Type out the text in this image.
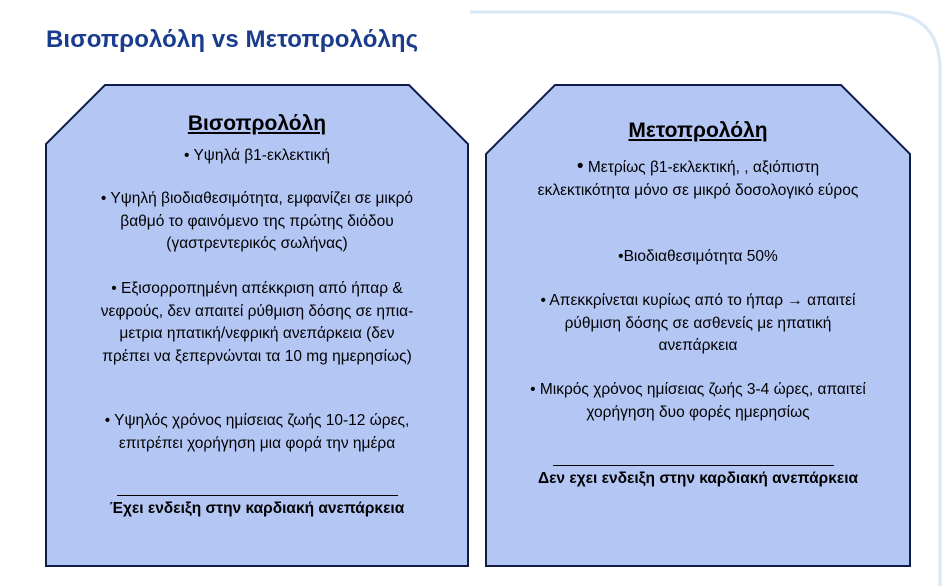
Βισοπρολόλη vs Μετοπρολόλης
Βισοπρολόλη
• Υψηλά β1-εκλεκτική
• Υψηλή βιοδιαθεσιμότητα, εμφανίζει σε μικρό βαθμό το φαινόμενο της πρώτης διόδου (γαστρεντερικός σωλήνας)
• Εξισορροπημένη απέκκριση από ήπαρ & νεφρούς, δεν απαιτεί ρύθμιση δόσης σε ηπια-μετρια ηπατική/νεφρική ανεπάρκεια (δεν πρέπει να ξεπερνώνται τα 10 mg ημερησίως)
• Υψηλός χρόνος ημίσειας ζωής 10-12 ώρες, επιτρέπει χορήγηση μια φορά την ημέρα
Έχει ενδειξη στην καρδιακή ανεπάρκεια
Μετοπρολόλη
• Μετρίως β1-εκλεκτική, , αξιόπιστη εκλεκτικότητα μόνο σε μικρό δοσολογικό εύρος
•Βιοδιαθεσιμότητα 50%
• Απεκκρίνεται κυρίως από το ήπαρ → απαιτεί ρύθμιση δόσης σε ασθενείς με ηπατική ανεπάρκεια
• Μικρός χρόνος ημίσειας ζωής 3-4 ώρες, απαιτεί χορήγηση δυο φορές ημερησίως
Δεν εχει ενδειξη στην καρδιακή ανεπάρκεια
